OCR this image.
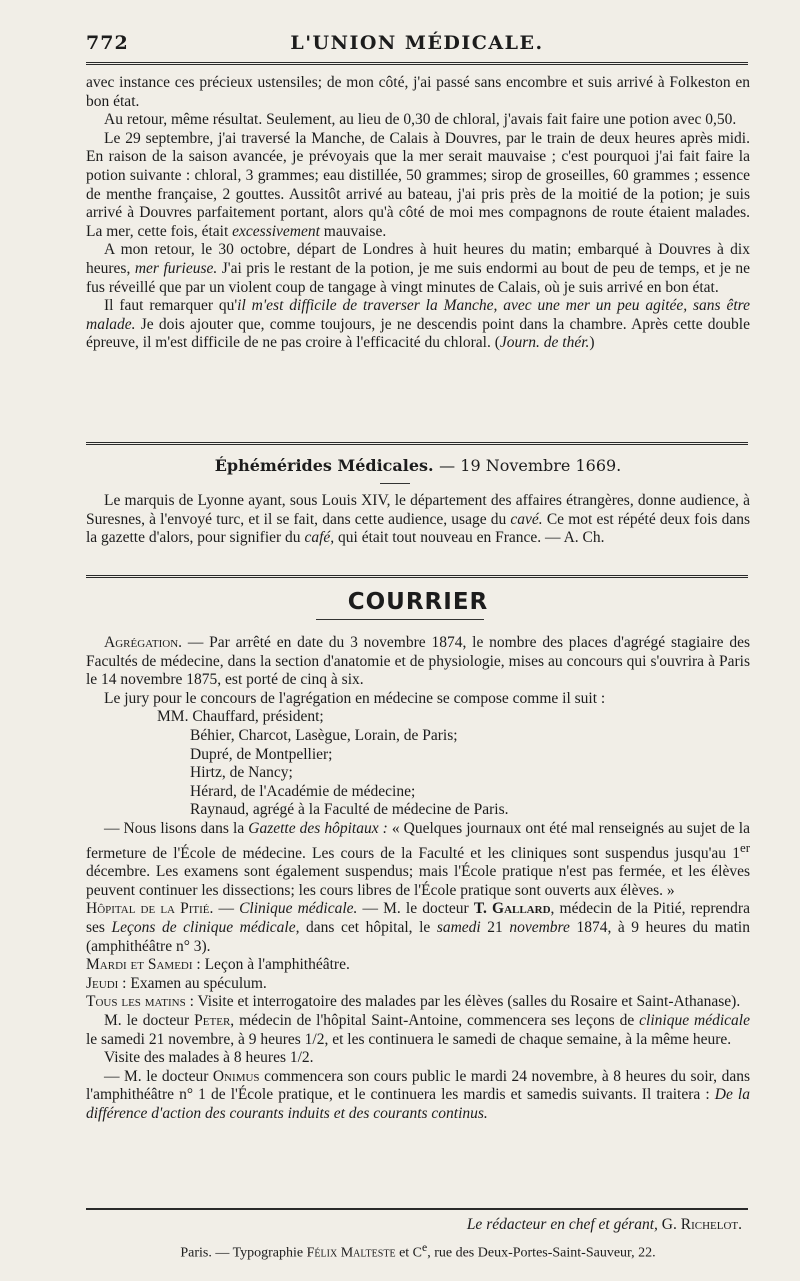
772	L'UNION MÉDICALE.

avec instance ces précieux ustensiles; de mon côté, j'ai passé sans encombre et suis arrivé à Folkeston en bon état.

Au retour, même résultat. Seulement, au lieu de 0,30 de chloral, j'avais fait faire une potion avec 0,50.

Le 29 septembre, j'ai traversé la Manche, de Calais à Douvres, par le train de deux heures après midi. En raison de la saison avancée, je prévoyais que la mer serait mauvaise ; c'est pourquoi j'ai fait faire la potion suivante : chloral, 3 grammes; eau distillée, 50 grammes; sirop de groseilles, 60 grammes ; essence de menthe française, 2 gouttes. Aussitôt arrivé au bateau, j'ai pris près de la moitié de la potion; je suis arrivé à Douvres parfaitement portant, alors qu'à côté de moi mes compagnons de route étaient malades. La mer, cette fois, était excessivement mauvaise.

A mon retour, le 30 octobre, départ de Londres à huit heures du matin; embarqué à Douvres à dix heures, mer furieuse. J'ai pris le restant de la potion, je me suis endormi au bout de peu de temps, et je ne fus réveillé que par un violent coup de tangage à vingt minutes de Calais, où je suis arrivé en bon état.

Il faut remarquer qu'il m'est difficile de traverser la Manche, avec une mer un peu agitée, sans être malade. Je dois ajouter que, comme toujours, je ne descendis point dans la chambre. Après cette double épreuve, il m'est difficile de ne pas croire à l'efficacité du chloral. (Journ. de thér.)

Éphémérides Médicales. — 19 Novembre 1669.

Le marquis de Lyonne ayant, sous Louis XIV, le département des affaires étrangères, donne audience, à Suresnes, à l'envoyé turc, et il se fait, dans cette audience, usage du cavé. Ce mot est répété deux fois dans la gazette d'alors, pour signifier du café, qui était tout nouveau en France. — A. Ch.

COURRIER

Agrégation. — Par arrêté en date du 3 novembre 1874, le nombre des places d'agrégé stagiaire des Facultés de médecine, dans la section d'anatomie et de physiologie, mises au concours qui s'ouvrira à Paris le 14 novembre 1875, est porté de cinq à six.

Le jury pour le concours de l'agrégation en médecine se compose comme il suit :

MM. Chauffard, président;
Béhier, Charcot, Lasègue, Lorain, de Paris;
Dupré, de Montpellier;
Hirtz, de Nancy;
Hérard, de l'Académie de médecine;
Raynaud, agrégé à la Faculté de médecine de Paris.

— Nous lisons dans la Gazette des hôpitaux : « Quelques journaux ont été mal renseignés au sujet de la fermeture de l'École de médecine. Les cours de la Faculté et les cliniques sont suspendus jusqu'au 1er décembre. Les examens sont également suspendus; mais l'École pratique n'est pas fermée, et les élèves peuvent continuer les dissections; les cours libres de l'École pratique sont ouverts aux élèves. »

Hôpital de la Pitié. — Clinique médicale. — M. le docteur T. Gallard, médecin de la Pitié, reprendra ses Leçons de clinique médicale, dans cet hôpital, le samedi 21 novembre 1874, à 9 heures du matin (amphithéâtre n° 3).

Mardi et Samedi : Leçon à l'amphithéâtre.

Jeudi : Examen au spéculum.

Tous les matins : Visite et interrogatoire des malades par les élèves (salles du Rosaire et Saint-Athanase).

M. le docteur Peter, médecin de l'hôpital Saint-Antoine, commencera ses leçons de clinique médicale le samedi 21 novembre, à 9 heures 1/2, et les continuera le samedi de chaque semaine, à la même heure.

Visite des malades à 8 heures 1/2.

— M. le docteur Onimus commencera son cours public le mardi 24 novembre, à 8 heures du soir, dans l'amphithéâtre n° 1 de l'École pratique, et le continuera les mardis et samedis suivants. Il traitera : De la différence d'action des courants induits et des courants continus.

Le rédacteur en chef et gérant, G. Richelot.
Paris. — Typographie Félix Malteste et Ce, rue des Deux-Portes-Saint-Sauveur, 22.
